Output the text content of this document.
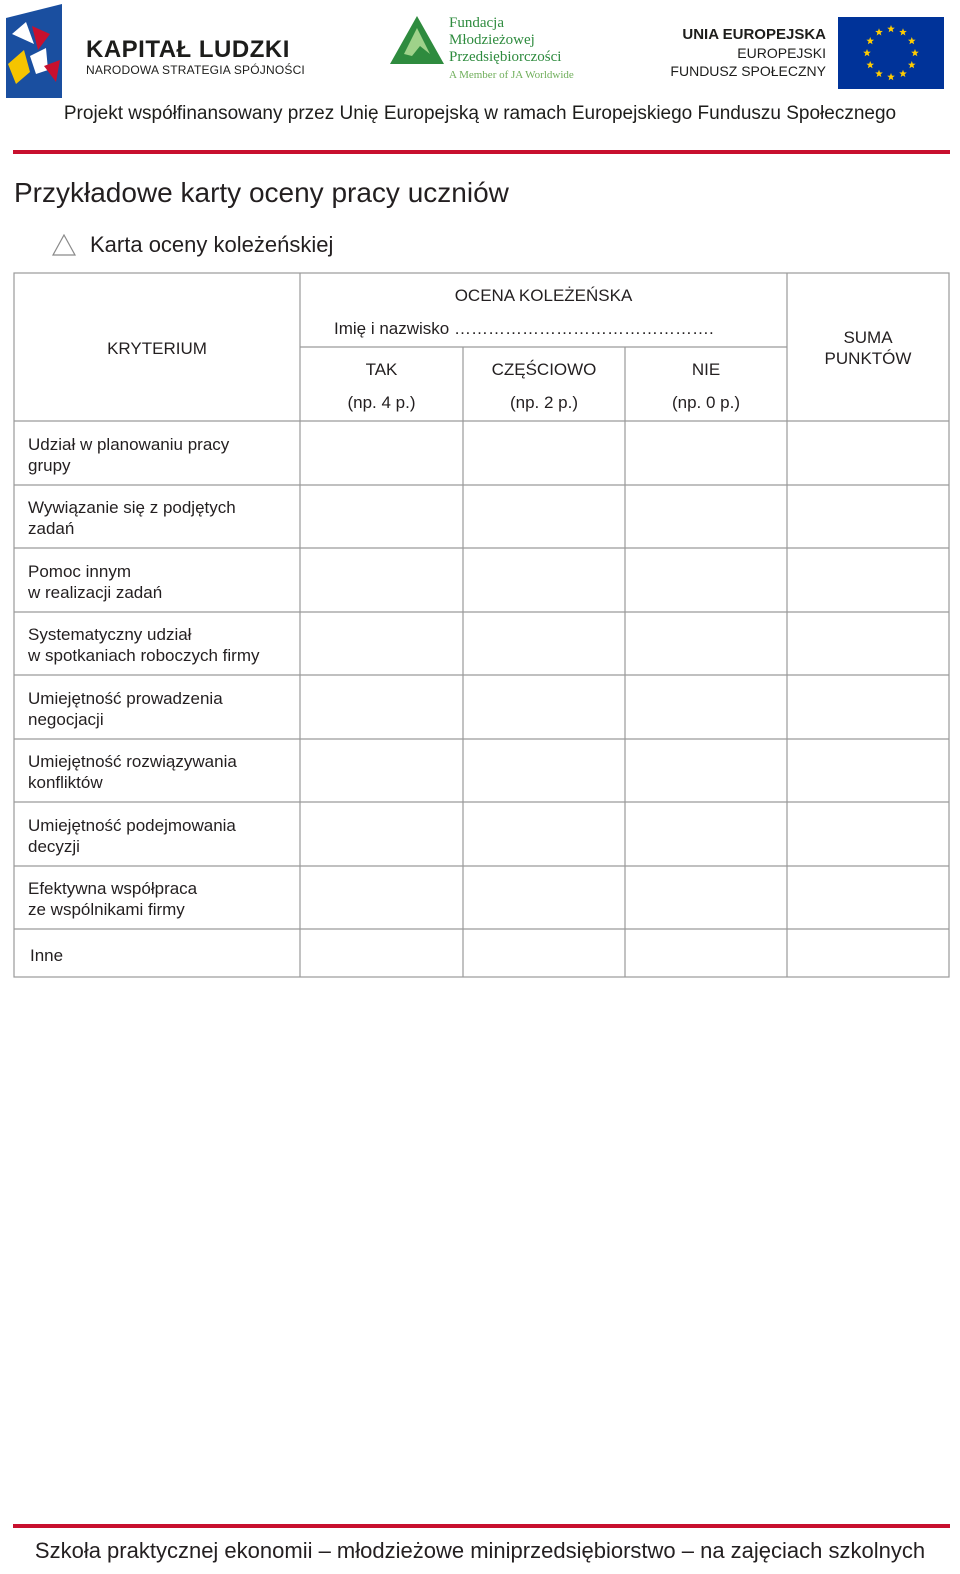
KAPITAŁ LUDZKI
NARODOWA STRATEGIA SPÓJNOŚCI
Fundacja
Młodzieżowej
Przedsiębiorczości
A Member of JA Worldwide
UNIA EUROPEJSKA
EUROPEJSKI
FUNDUSZ SPOŁECZNY
Projekt współfinansowany przez Unię Europejską w ramach Europejskiego Funduszu Społecznego
Przykładowe karty oceny pracy uczniów
Karta oceny koleżeńskiej
KRYTERIUM
OCENA KOLEŻEŃSKA
Imię i nazwisko ……………………………………….	SUMA
PUNKTÓW
TAK
(np. 4 p.)
CZĘŚCIOWO
(np. 2 p.)
NIE
(np. 0 p.)
Udział w planowaniu pracy
grupy
Wywiązanie się z podjętych
zadań
Pomoc innym
w realizacji zadań
Systematyczny udział
w spotkaniach roboczych firmy
Umiejętność prowadzenia
negocjacji
Umiejętność rozwiązywania
konfliktów
Umiejętność podejmowania
decyzji
Efektywna współpraca
ze wspólnikami firmy
Inne
Szkoła praktycznej ekonomii – młodzieżowe miniprzedsiębiorstwo – na zajęciach szkolnych
